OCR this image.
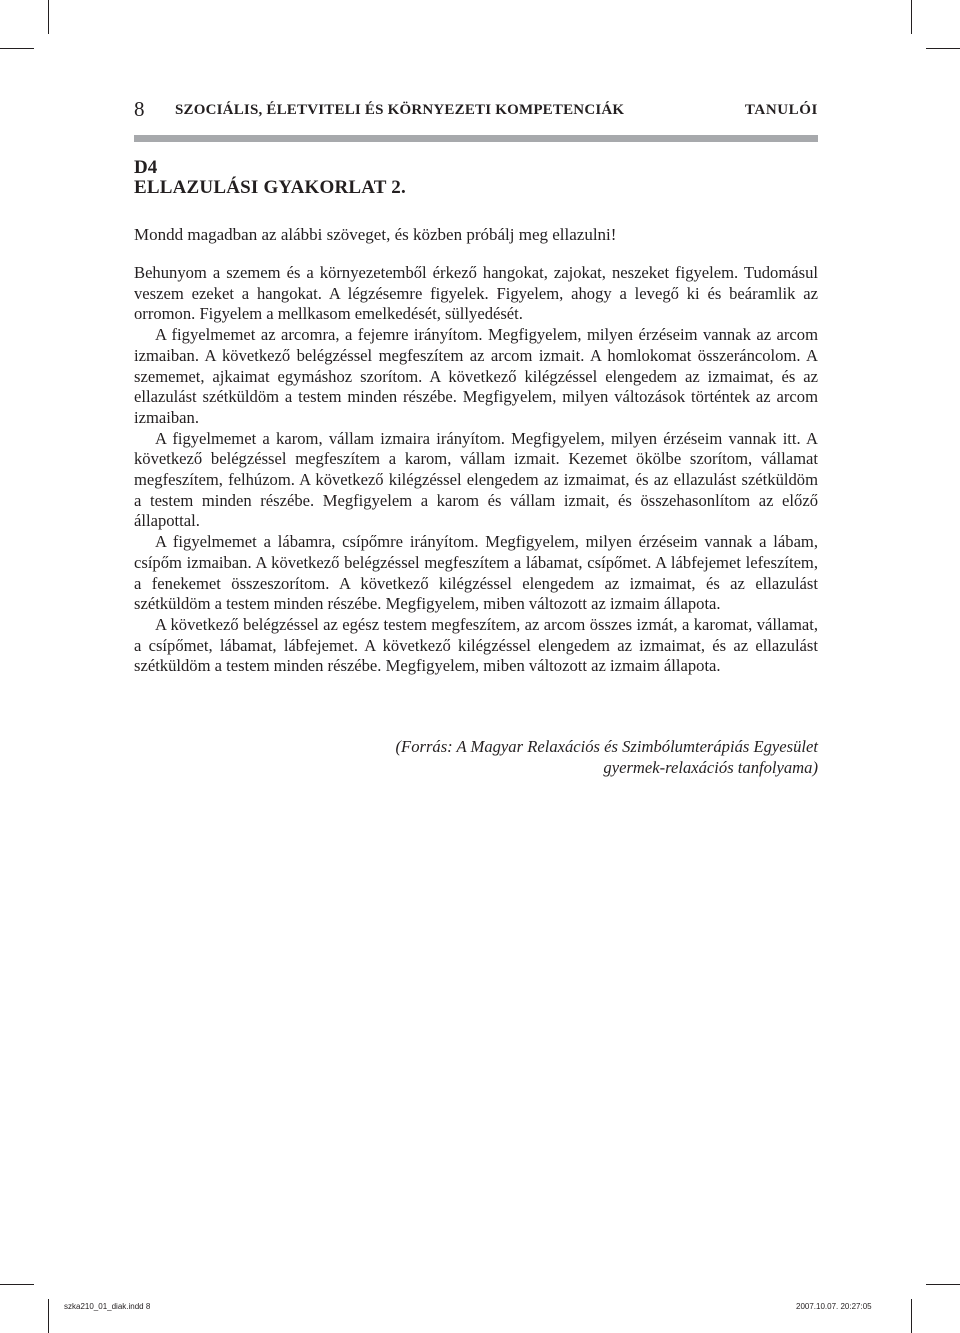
8 SZOCIÁLIS, ÉLETVITELI ÉS KÖRNYEZETI KOMPETENCIÁK	TANULÓI
D4
ELLAZULÁSI GYAKORLAT 2.
Mondd magadban az alábbi szöveget, és közben próbálj meg ellazulni!

Behunyom a szemem és a környezetemből érkező hangokat, zajokat, neszeket figyelem. Tudomásul veszem ezeket a hangokat. A légzésemre figyelek. Figyelem, ahogy a levegő ki és beáramlik az orromon. Figyelem a mellkasom emelkedését, süllyedését.

A figyelmemet az arcomra, a fejemre irányítom. Megfigyelem, milyen érzéseim vannak az arcom izmaiban. A következő belégzéssel megfeszítem az arcom izmait. A homlokomat összeráncolom. A szememet, ajkaimat egymáshoz szorítom. A következő kilégzéssel elengedem az izmaimat, és az ellazulást szétküldöm a testem minden részébe. Megfigyelem, milyen változások történtek az arcom izmaiban.

A figyelmemet a karom, vállam izmaira irányítom. Megfigyelem, milyen érzéseim vannak itt. A következő belégzéssel megfeszítem a karom, vállam izmait. Kezemet ökölbe szorítom, vállamat megfeszítem, felhúzom. A következő kilégzéssel elengedem az izmaimat, és az ellazulást szétküldöm a testem minden részébe. Megfigyelem a karom és vállam izmait, és összehasonlítom az előző állapottal.

A figyelmemet a lábamra, csípőmre irányítom. Megfigyelem, milyen érzéseim vannak a lábam, csípőm izmaiban. A következő belégzéssel megfeszítem a lábamat, csípőmet. A lábfejemet lefeszítem, a fenekemet összeszorítom. A következő kilégzéssel elengedem az izmaimat, és az ellazulást szétküldöm a testem minden részébe. Megfigyelem, miben változott az izmaim állapota.

A következő belégzéssel az egész testem megfeszítem, az arcom összes izmát, a karomat, vállamat, a csípőmet, lábamat, lábfejemet. A következő kilégzéssel elengedem az izmaimat, és az ellazulást szétküldöm a testem minden részébe. Megfigyelem, miben változott az izmaim állapota.

(Forrás: A Magyar Relaxációs és Szimbólumterápiás Egyesület
gyermek-relaxációs tanfolyama)
szka210_01_diak.indd 8	2007.10.07. 20:27:05
